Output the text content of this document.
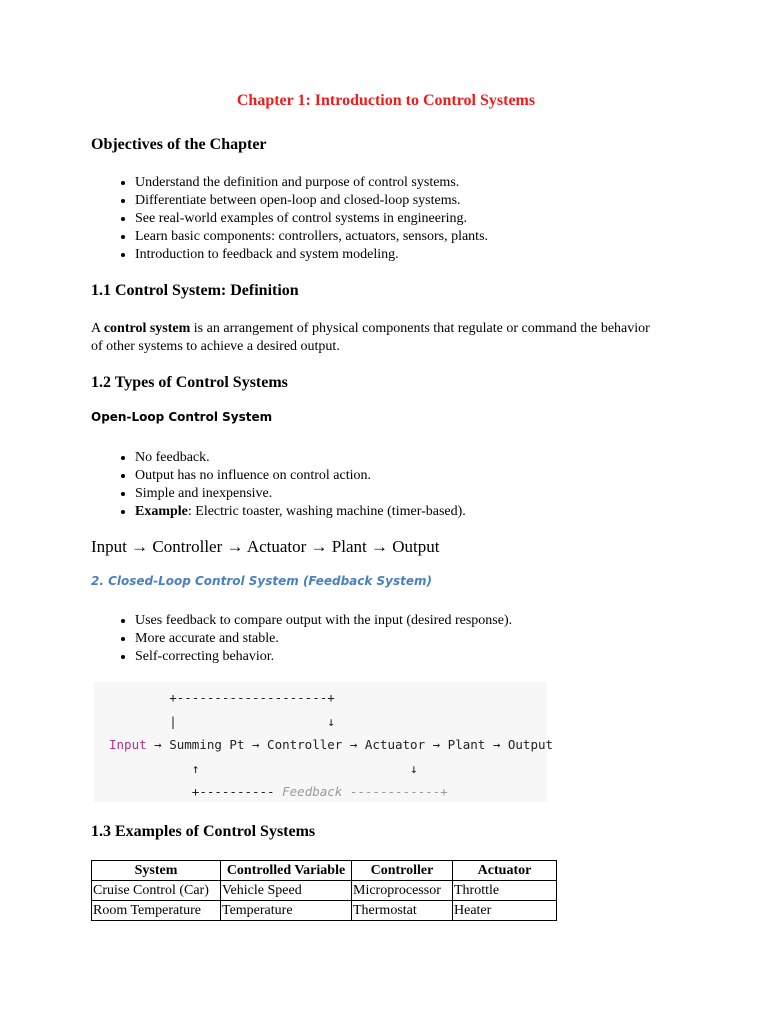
Chapter 1: Introduction to Control Systems
Objectives of the Chapter
• Understand the definition and purpose of control systems.
• Differentiate between open-loop and closed-loop systems.
• See real-world examples of control systems in engineering.
• Learn basic components: controllers, actuators, sensors, plants.
• Introduction to feedback and system modeling.
1.1 Control System: Definition

A control system is an arrangement of physical components that regulate or command the behavior of other systems to achieve a desired output.

1.2 Types of Control Systems
Open-Loop Control System
• No feedback.
• Output has no influence on control action.
• Simple and inexpensive.
• Example: Electric toaster, washing machine (timer-based).
Input → Controller → Actuator → Plant → Output
2. Closed-Loop Control System (Feedback System)
• Uses feedback to compare output with the input (desired response).
• More accurate and stable.
• Self-correcting behavior.
+--------------------+
|	↓
Input → Summing Pt → Controller → Actuator → Plant → Output
↑	↓
+---------- Feedback ------------+
1.3 Examples of Control Systems
System	Controlled Variable	Controller	Actuator
Cruise Control (Car)	Vehicle Speed	Microprocessor	Throttle
Room Temperature	Temperature	Thermostat	Heater
